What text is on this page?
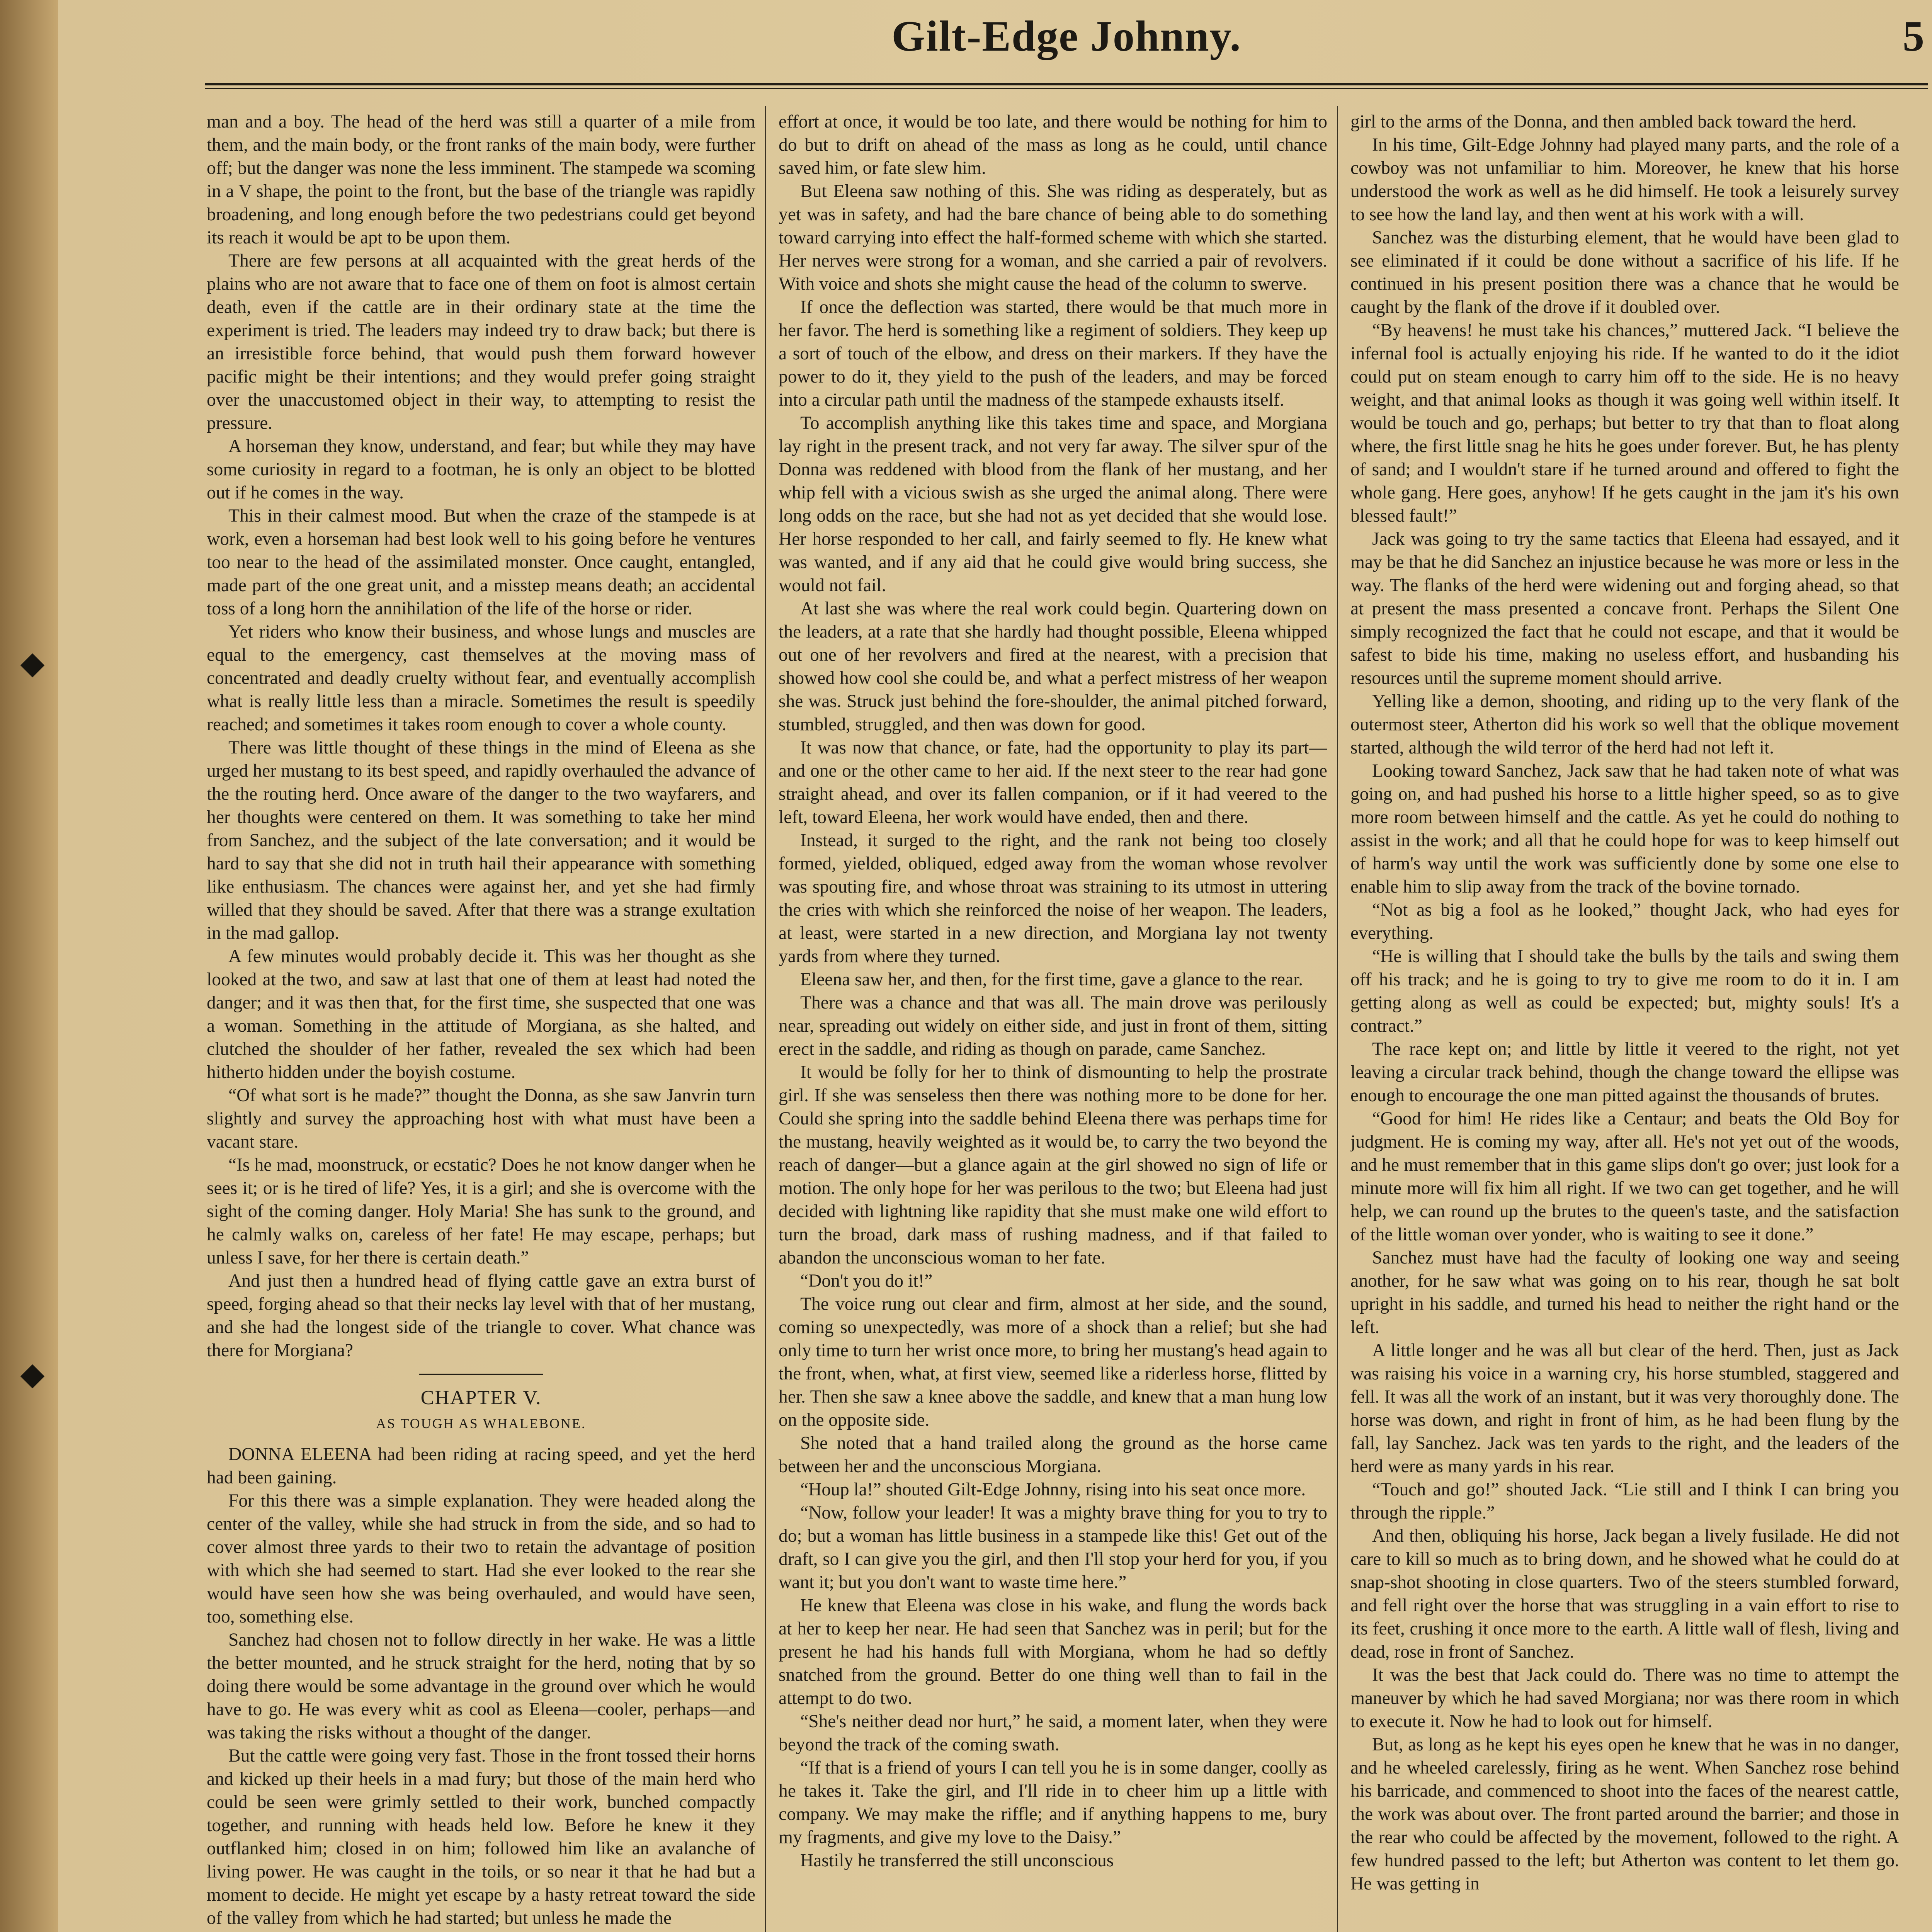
Gilt-Edge Johnny.	5

man and a boy. The head of the herd was still a quarter of a mile from them, and the main body, or the front ranks of the main body, were further off; but the danger was none the less imminent. The stampede wa scoming in a V shape, the point to the front, but the base of the triangle was rapidly broadening, and long enough before the two pedestrians could get beyond its reach it would be apt to be upon them.

There are few persons at all acquainted with the great herds of the plains who are not aware that to face one of them on foot is almost certain death, even if the cattle are in their ordinary state at the time the experiment is tried. The leaders may indeed try to draw back; but there is an irresistible force behind, that would push them forward however pacific might be their intentions; and they would prefer going straight over the unaccustomed object in their way, to attempting to resist the pressure.

A horseman they know, understand, and fear; but while they may have some curiosity in regard to a footman, he is only an object to be blotted out if he comes in the way.

This in their calmest mood. But when the craze of the stampede is at work, even a horseman had best look well to his going before he ventures too near to the head of the assimilated monster. Once caught, entangled, made part of the one great unit, and a misstep means death; an accidental toss of a long horn the annihilation of the life of the horse or rider.

Yet riders who know their business, and whose lungs and muscles are equal to the emergency, cast themselves at the moving mass of concentrated and deadly cruelty without fear, and eventually accomplish what is really little less than a miracle. Sometimes the result is speedily reached; and sometimes it takes room enough to cover a whole county.

There was little thought of these things in the mind of Eleena as she urged her mustang to its best speed, and rapidly overhauled the advance of the the routing herd. Once aware of the danger to the two wayfarers, and her thoughts were centered on them. It was something to take her mind from Sanchez, and the subject of the late conversation; and it would be hard to say that she did not in truth hail their appearance with something like enthusiasm. The chances were against her, and yet she had firmly willed that they should be saved. After that there was a strange exultation in the mad gallop.

A few minutes would probably decide it. This was her thought as she looked at the two, and saw at last that one of them at least had noted the danger; and it was then that, for the first time, she suspected that one was a woman. Something in the attitude of Morgiana, as she halted, and clutched the shoulder of her father, revealed the sex which had been hitherto hidden under the boyish costume.

“Of what sort is he made?” thought the Donna, as she saw Janvrin turn slightly and survey the approaching host with what must have been a vacant stare.

“Is he mad, moonstruck, or ecstatic? Does he not know danger when he sees it; or is he tired of life? Yes, it is a girl; and she is overcome with the sight of the coming danger. Holy Maria! She has sunk to the ground, and he calmly walks on, careless of her fate! He may escape, perhaps; but unless I save, for her there is certain death.”

And just then a hundred head of flying cattle gave an extra burst of speed, forging ahead so that their necks lay level with that of her mustang, and she had the longest side of the triangle to cover. What chance was there for Morgiana?

CHAPTER V.
AS TOUGH AS WHALEBONE.

DONNA ELEENA had been riding at racing speed, and yet the herd had been gaining.

For this there was a simple explanation. They were headed along the center of the valley, while she had struck in from the side, and so had to cover almost three yards to their two to retain the advantage of position with which she had seemed to start. Had she ever looked to the rear she would have seen how she was being overhauled, and would have seen, too, something else.

Sanchez had chosen not to follow directly in her wake. He was a little the better mounted, and he struck straight for the herd, noting that by so doing there would be some advantage in the ground over which he would have to go. He was every whit as cool as Eleena—cooler, perhaps—and was taking the risks without a thought of the danger.

But the cattle were going very fast. Those in the front tossed their horns and kicked up their heels in a mad fury; but those of the main herd who could be seen were grimly settled to their work, bunched compactly together, and running with heads held low. Before he knew it they outflanked him; closed in on him; followed him like an avalanche of living power. He was caught in the toils, or so near it that he had but a moment to decide. He might yet escape by a hasty retreat toward the side of the valley from which he had started; but unless he made the

effort at once, it would be too late, and there would be nothing for him to do but to drift on ahead of the mass as long as he could, until chance saved him, or fate slew him.

But Eleena saw nothing of this. She was riding as desperately, but as yet was in safety, and had the bare chance of being able to do something toward carrying into effect the half-formed scheme with which she started. Her nerves were strong for a woman, and she carried a pair of revolvers. With voice and shots she might cause the head of the column to swerve.

If once the deflection was started, there would be that much more in her favor. The herd is something like a regiment of soldiers. They keep up a sort of touch of the elbow, and dress on their markers. If they have the power to do it, they yield to the push of the leaders, and may be forced into a circular path until the madness of the stampede exhausts itself.

To accomplish anything like this takes time and space, and Morgiana lay right in the present track, and not very far away. The silver spur of the Donna was reddened with blood from the flank of her mustang, and her whip fell with a vicious swish as she urged the animal along. There were long odds on the race, but she had not as yet decided that she would lose. Her horse responded to her call, and fairly seemed to fly. He knew what was wanted, and if any aid that he could give would bring success, she would not fail.

At last she was where the real work could begin. Quartering down on the leaders, at a rate that she hardly had thought possible, Eleena whipped out one of her revolvers and fired at the nearest, with a precision that showed how cool she could be, and what a perfect mistress of her weapon she was. Struck just behind the fore-shoulder, the animal pitched forward, stumbled, struggled, and then was down for good.

It was now that chance, or fate, had the opportunity to play its part—and one or the other came to her aid. If the next steer to the rear had gone straight ahead, and over its fallen companion, or if it had veered to the left, toward Eleena, her work would have ended, then and there.

Instead, it surged to the right, and the rank not being too closely formed, yielded, obliqued, edged away from the woman whose revolver was spouting fire, and whose throat was straining to its utmost in uttering the cries with which she reinforced the noise of her weapon. The leaders, at least, were started in a new direction, and Morgiana lay not twenty yards from where they turned.

Eleena saw her, and then, for the first time, gave a glance to the rear.

There was a chance and that was all. The main drove was perilously near, spreading out widely on either side, and just in front of them, sitting erect in the saddle, and riding as though on parade, came Sanchez.

It would be folly for her to think of dismounting to help the prostrate girl. If she was senseless then there was nothing more to be done for her. Could she spring into the saddle behind Eleena there was perhaps time for the mustang, heavily weighted as it would be, to carry the two beyond the reach of danger—but a glance again at the girl showed no sign of life or motion. The only hope for her was perilous to the two; but Eleena had just decided with lightning like rapidity that she must make one wild effort to turn the broad, dark mass of rushing madness, and if that failed to abandon the unconscious woman to her fate.

“Don't you do it!”

The voice rung out clear and firm, almost at her side, and the sound, coming so unexpectedly, was more of a shock than a relief; but she had only time to turn her wrist once more, to bring her mustang's head again to the front, when, what, at first view, seemed like a riderless horse, flitted by her. Then she saw a knee above the saddle, and knew that a man hung low on the opposite side.

She noted that a hand trailed along the ground as the horse came between her and the unconscious Morgiana.

“Houp la!” shouted Gilt-Edge Johnny, rising into his seat once more.

“Now, follow your leader! It was a mighty brave thing for you to try to do; but a woman has little business in a stampede like this! Get out of the draft, so I can give you the girl, and then I'll stop your herd for you, if you want it; but you don't want to waste time here.”

He knew that Eleena was close in his wake, and flung the words back at her to keep her near. He had seen that Sanchez was in peril; but for the present he had his hands full with Morgiana, whom he had so deftly snatched from the ground. Better do one thing well than to fail in the attempt to do two.

“She's neither dead nor hurt,” he said, a moment later, when they were beyond the track of the coming swath.

“If that is a friend of yours I can tell you he is in some danger, coolly as he takes it. Take the girl, and I'll ride in to cheer him up a little with company. We may make the riffle; and if anything happens to me, bury my fragments, and give my love to the Daisy.”

Hastily he transferred the still unconscious

girl to the arms of the Donna, and then ambled back toward the herd.

In his time, Gilt-Edge Johnny had played many parts, and the role of a cowboy was not unfamiliar to him. Moreover, he knew that his horse understood the work as well as he did himself. He took a leisurely survey to see how the land lay, and then went at his work with a will.

Sanchez was the disturbing element, that he would have been glad to see eliminated if it could be done without a sacrifice of his life. If he continued in his present position there was a chance that he would be caught by the flank of the drove if it doubled over.

“By heavens! he must take his chances,” muttered Jack. “I believe the infernal fool is actually enjoying his ride. If he wanted to do it the idiot could put on steam enough to carry him off to the side. He is no heavy weight, and that animal looks as though it was going well within itself. It would be touch and go, perhaps; but better to try that than to float along where, the first little snag he hits he goes under forever. But, he has plenty of sand; and I wouldn't stare if he turned around and offered to fight the whole gang. Here goes, anyhow! If he gets caught in the jam it's his own blessed fault!”

Jack was going to try the same tactics that Eleena had essayed, and it may be that he did Sanchez an injustice because he was more or less in the way. The flanks of the herd were widening out and forging ahead, so that at present the mass presented a concave front. Perhaps the Silent One simply recognized the fact that he could not escape, and that it would be safest to bide his time, making no useless effort, and husbanding his resources until the supreme moment should arrive.

Yelling like a demon, shooting, and riding up to the very flank of the outermost steer, Atherton did his work so well that the oblique movement started, although the wild terror of the herd had not left it.

Looking toward Sanchez, Jack saw that he had taken note of what was going on, and had pushed his horse to a little higher speed, so as to give more room between himself and the cattle. As yet he could do nothing to assist in the work; and all that he could hope for was to keep himself out of harm's way until the work was sufficiently done by some one else to enable him to slip away from the track of the bovine tornado.

“Not as big a fool as he looked,” thought Jack, who had eyes for everything.

“He is willing that I should take the bulls by the tails and swing them off his track; and he is going to try to give me room to do it in. I am getting along as well as could be expected; but, mighty souls! It's a contract.”

The race kept on; and little by little it veered to the right, not yet leaving a circular track behind, though the change toward the ellipse was enough to encourage the one man pitted against the thousands of brutes.

“Good for him! He rides like a Centaur; and beats the Old Boy for judgment. He is coming my way, after all. He's not yet out of the woods, and he must remember that in this game slips don't go over; just look for a minute more will fix him all right. If we two can get together, and he will help, we can round up the brutes to the queen's taste, and the satisfaction of the little woman over yonder, who is waiting to see it done.”

Sanchez must have had the faculty of looking one way and seeing another, for he saw what was going on to his rear, though he sat bolt upright in his saddle, and turned his head to neither the right hand or the left.

A little longer and he was all but clear of the herd. Then, just as Jack was raising his voice in a warning cry, his horse stumbled, staggered and fell. It was all the work of an instant, but it was very thoroughly done. The horse was down, and right in front of him, as he had been flung by the fall, lay Sanchez. Jack was ten yards to the right, and the leaders of the herd were as many yards in his rear.

“Touch and go!” shouted Jack. “Lie still and I think I can bring you through the ripple.”

And then, obliquing his horse, Jack began a lively fusilade. He did not care to kill so much as to bring down, and he showed what he could do at snap-shot shooting in close quarters. Two of the steers stumbled forward, and fell right over the horse that was struggling in a vain effort to rise to its feet, crushing it once more to the earth. A little wall of flesh, living and dead, rose in front of Sanchez.

It was the best that Jack could do. There was no time to attempt the maneuver by which he had saved Morgiana; nor was there room in which to execute it. Now he had to look out for himself.

But, as long as he kept his eyes open he knew that he was in no danger, and he wheeled carelessly, firing as he went. When Sanchez rose behind his barricade, and commenced to shoot into the faces of the nearest cattle, the work was about over. The front parted around the barrier; and those in the rear who could be affected by the movement, followed to the right. A few hundred passed to the left; but Atherton was content to let them go. He was getting in
